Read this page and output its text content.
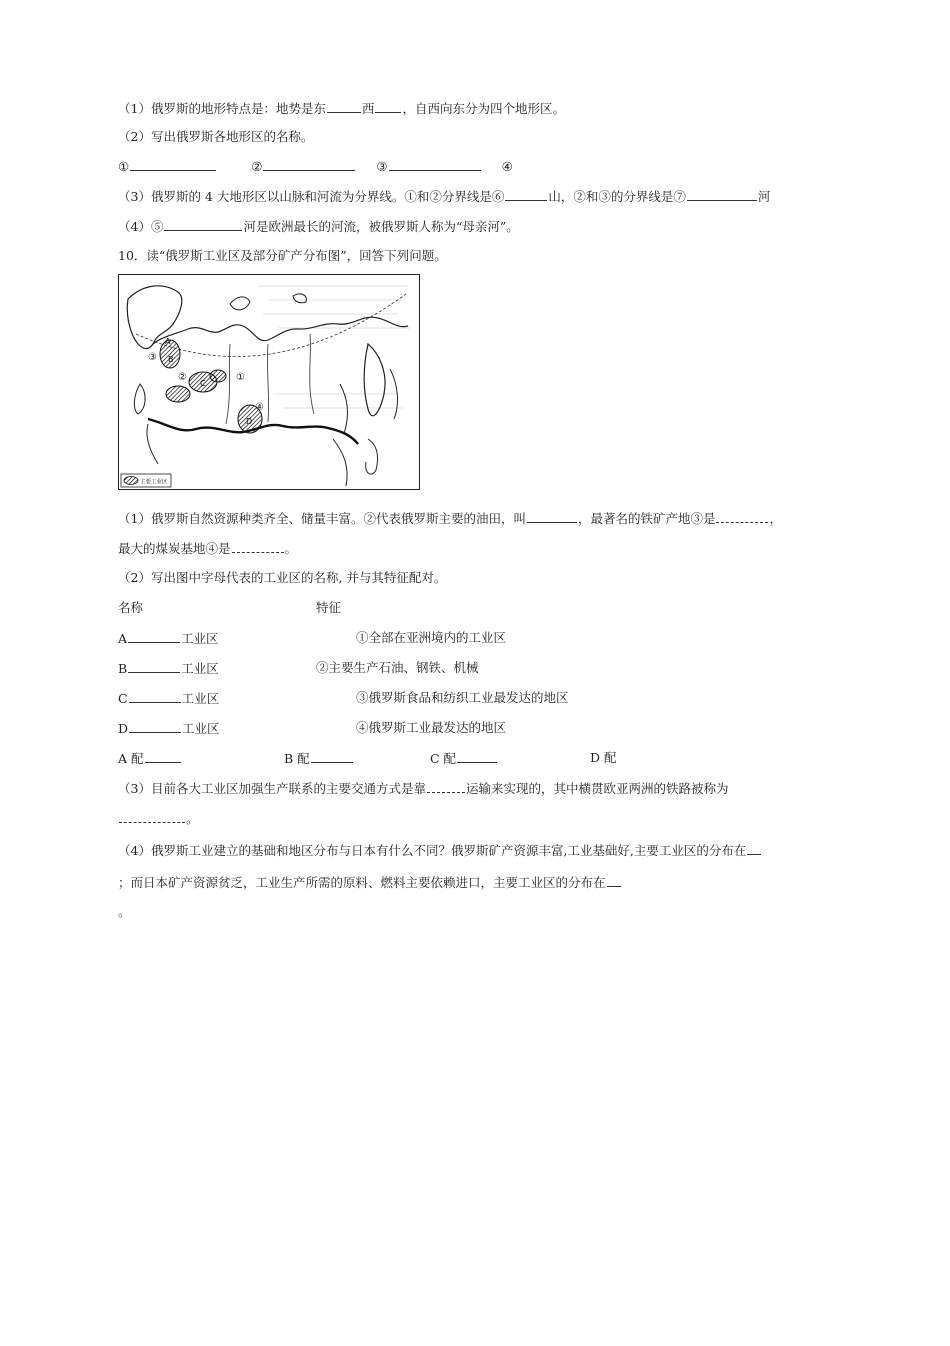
（1）俄罗斯的地形特点是：地势是东	西 ，自西向东分为四个地形区。
（2）写出俄罗斯各地形区的名称。
①	②	③	④
（3）俄罗斯的 4 大地形区以山脉和河流为分界线。①和②分界线是⑥	山，②和③的分界线是⑦	河
（4）⑤	河是欧洲最长的河流，被俄罗斯人称为“母亲河”。
10．读“俄罗斯工业区及部分矿产分布图”，回答下列问题。
③
②	①
④
A
B
C
D
主要工业区
（1）俄罗斯自然资源种类齐全、储量丰富。②代表俄罗斯主要的油田，叫	，最著名的铁矿产地③是	，
最大的煤炭基地④是	。
（2）写出图中字母代表的工业区的名称, 并与其特征配对。
名称	特征
A	工业区	①全部在亚洲境内的工业区
B	工业区	②主要生产石油、钢铁、机械
C	工业区	③俄罗斯食品和纺织工业最发达的地区
D	工业区	④俄罗斯工业最发达的地区
A 配	B 配	C 配	D 配
（3）目前各大工业区加强生产联系的主要交通方式是靠	运输来实现的，其中横贯欧亚两洲的铁路被称为
。
（4）俄罗斯工业建立的基础和地区分布与日本有什么不同？俄罗斯矿产资源丰富,工业基础好,主要工业区的分布在
；而日本矿产资源贫乏，工业生产所需的原料、燃料主要依赖进口，主要工业区的分布在
。
